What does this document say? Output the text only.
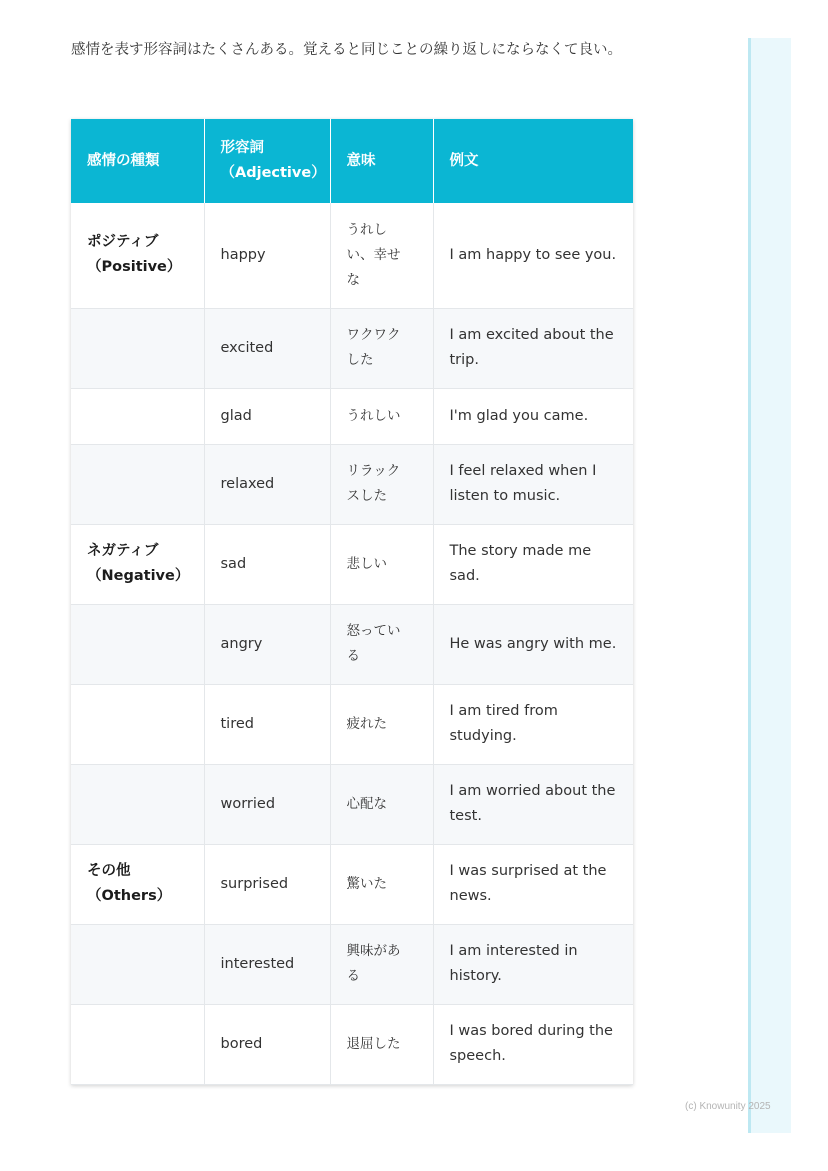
感情を表す形容詞はたくさんある。覚えると同じことの繰り返しにならなくて良い。

感情の種類	形容詞（Adjective）	意味	例文
ポジティブ（Positive）	happy	うれしい、幸せな	I am happy to see you.
	excited	ワクワクした	I am excited about the trip.
	glad	うれしい	I'm glad you came.
	relaxed	リラックスした	I feel relaxed when I listen to music.
ネガティブ（Negative）	sad	悲しい	The story made me sad.
	angry	怒っている	He was angry with me.
	tired	疲れた	I am tired from studying.
	worried	心配な	I am worried about the test.
その他（Others）	surprised	驚いた	I was surprised at the news.
	interested	興味がある	I am interested in history.
	bored	退屈した	I was bored during the speech.
(c) Knowunity 2025
